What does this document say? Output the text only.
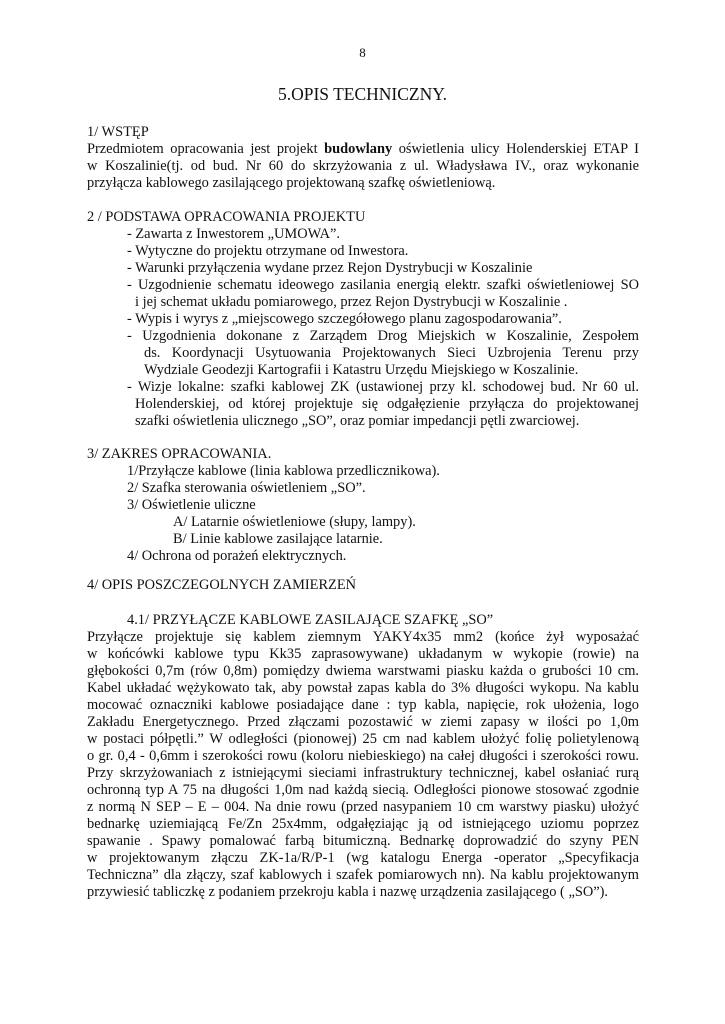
8
5.OPIS TECHNICZNY.
1/ WSTĘP
Przedmiotem opracowania jest projekt budowlany oświetlenia ulicy Holenderskiej ETAP I
w Koszalinie(tj. od bud. Nr 60 do skrzyżowania z ul. Władysława IV., oraz wykonanie
przyłącza kablowego zasilającego projektowaną szafkę oświetleniową.
2 / PODSTAWA OPRACOWANIA PROJEKTU
- Zawarta z Inwestorem „UMOWA”.
- Wytyczne do projektu otrzymane od Inwestora.
- Warunki przyłączenia wydane przez Rejon Dystrybucji w Koszalinie
- Uzgodnienie schematu ideowego zasilania energią elektr. szafki oświetleniowej SO
i jej schemat układu pomiarowego, przez Rejon Dystrybucji w Koszalinie .
- Wypis i wyrys z „miejscowego szczegółowego planu zagospodarowania”.
- Uzgodnienia dokonane z Zarządem Drog Miejskich w Koszalinie, Zespołem
ds. Koordynacji Usytuowania Projektowanych Sieci Uzbrojenia Terenu przy
Wydziale Geodezji Kartografii i Katastru Urzędu Miejskiego w Koszalinie.
- Wizje lokalne: szafki kablowej ZK (ustawionej przy kl. schodowej bud. Nr 60 ul.
Holenderskiej, od której projektuje się odgałęzienie przyłącza do projektowanej
szafki oświetlenia ulicznego „SO”, oraz pomiar impedancji pętli zwarciowej.
3/ ZAKRES OPRACOWANIA.
1/Przyłącze kablowe (linia kablowa przedlicznikowa).
2/ Szafka sterowania oświetleniem „SO”.
3/ Oświetlenie uliczne
A/ Latarnie oświetleniowe (słupy, lampy).
B/ Linie kablowe zasilające latarnie.
4/ Ochrona od porażeń elektrycznych.
4/ OPIS POSZCZEGOLNYCH ZAMIERZEŃ
4.1/ PRZYŁĄCZE KABLOWE ZASILAJĄCE SZAFKĘ „SO”
Przyłącze projektuje się kablem ziemnym YAKY4x35 mm2 (końce żył wyposażać
w końcówki kablowe typu Kk35 zaprasowywane) układanym w wykopie (rowie) na
głębokości 0,7m (rów 0,8m) pomiędzy dwiema warstwami piasku każda o grubości 10 cm.
Kabel układać wężykowato tak, aby powstał zapas kabla do 3% długości wykopu. Na kablu
mocować oznaczniki kablowe posiadające dane : typ kabla, napięcie, rok ułożenia, logo
Zakładu Energetycznego. Przed złączami pozostawić w ziemi zapasy w ilości po 1,0m
w postaci półpętli.” W odległości (pionowej) 25 cm nad kablem ułożyć folię polietylenową
o gr. 0,4 - 0,6mm i szerokości rowu (koloru niebieskiego) na całej długości i szerokości rowu.
Przy skrzyżowaniach z istniejącymi sieciami infrastruktury technicznej, kabel osłaniać rurą
ochronną typ A 75 na długości 1,0m nad każdą siecią. Odległości pionowe stosować zgodnie
z normą N SEP – E – 004. Na dnie rowu (przed nasypaniem 10 cm warstwy piasku) ułożyć
bednarkę uziemiającą Fe/Zn 25x4mm, odgałęziając ją od istniejącego uziomu poprzez
spawanie . Spawy pomalować farbą bitumiczną. Bednarkę doprowadzić do szyny PEN
w projektowanym złączu ZK-1a/R/P-1 (wg katalogu Energa -operator „Specyfikacja
Techniczna” dla złączy, szaf kablowych i szafek pomiarowych nn). Na kablu projektowanym
przywiesić tabliczkę z podaniem przekroju kabla i nazwę urządzenia zasilającego ( „SO”).
